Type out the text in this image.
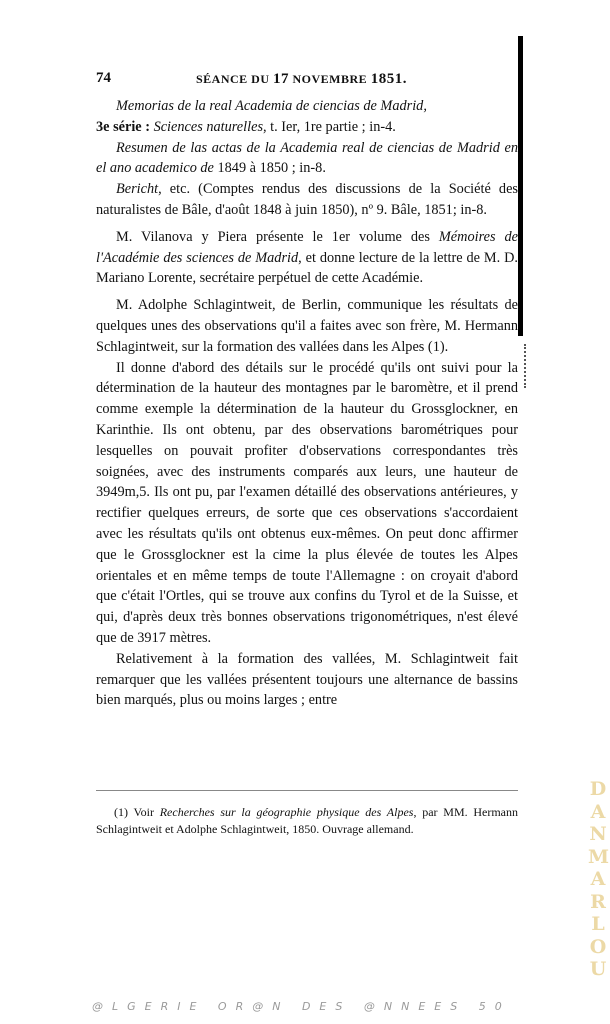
74	SÉANCE DU 17 NOVEMBRE 1851.

Memorias de la real Academia de ciencias de Madrid,
3e série : Sciences naturelles, t. Ier, 1re partie ; in-4.

Resumen de las actas de la Academia real de ciencias de Madrid en el ano academico de 1849 à 1850 ; in-8.

Bericht, etc. (Comptes rendus des discussions de la Société des naturalistes de Bâle, d'août 1848 à juin 1850), nº 9. Bâle, 1851; in-8.

M. Vilanova y Piera présente le 1er volume des Mémoires de l'Académie des sciences de Madrid, et donne lecture de la lettre de M. D. Mariano Lorente, secrétaire perpétuel de cette Académie.

M. Adolphe Schlagintweit, de Berlin, communique les résultats de quelques unes des observations qu'il a faites avec son frère, M. Hermann Schlagintweit, sur la formation des vallées dans les Alpes (1).

Il donne d'abord des détails sur le procédé qu'ils ont suivi pour la détermination de la hauteur des montagnes par le baromètre, et il prend comme exemple la détermination de la hauteur du Grossglockner, en Karinthie. Ils ont obtenu, par des observations barométriques pour lesquelles on pouvait profiter d'observations correspondantes très soignées, avec des instruments comparés aux leurs, une hauteur de 3949m,5. Ils ont pu, par l'examen détaillé des observations antérieures, y rectifier quelques erreurs, de sorte que ces observations s'accordaient avec les résultats qu'ils ont obtenus eux-mêmes. On peut donc affirmer que le Grossglockner est la cime la plus élevée de toutes les Alpes orientales et en même temps de toute l'Allemagne : on croyait d'abord que c'était l'Ortles, qui se trouve aux confins du Tyrol et de la Suisse, et qui, d'après deux très bonnes observations trigonométriques, n'est élevé que de 3917 mètres.

Relativement à la formation des vallées, M. Schlagintweit fait remarquer que les vallées présentent toujours une alternance de bassins bien marqués, plus ou moins larges ; entre

(1) Voir Recherches sur la géographie physique des Alpes, par MM. Hermann Schlagintweit et Adolphe Schlagintweit, 1850. Ouvrage allemand.

D
A
N
M
A
R
L
O
U
@LGERIE OR@N DES @NNEES 50
